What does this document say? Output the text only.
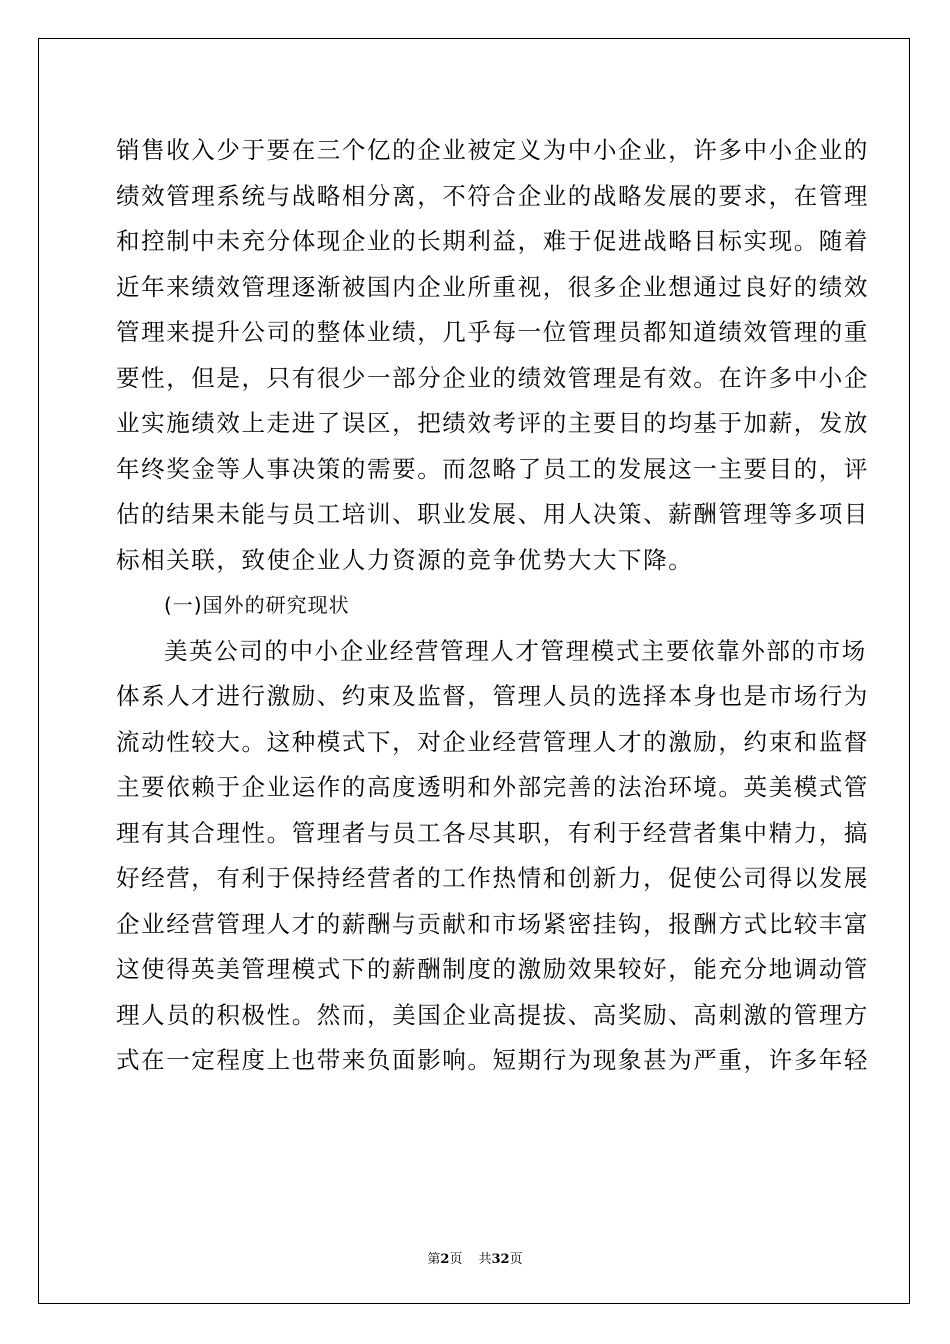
销售收入少于要在三个亿的企业被定义为中小企业，许多中小企业的
绩效管理系统与战略相分离，不符合企业的战略发展的要求，在管理
和控制中未充分体现企业的长期利益，难于促进战略目标实现。随着
近年来绩效管理逐渐被国内企业所重视，很多企业想通过良好的绩效
管理来提升公司的整体业绩，几乎每一位管理员都知道绩效管理的重
要性，但是，只有很少一部分企业的绩效管理是有效。在许多中小企
业实施绩效上走进了误区，把绩效考评的主要目的均基于加薪，发放
年终奖金等人事决策的需要。而忽略了员工的发展这一主要目的，评
估的结果未能与员工培训、职业发展、用人决策、薪酬管理等多项目
标相关联，致使企业人力资源的竞争优势大大下降。
(一)国外的研究现状
美英公司的中小企业经营管理人才管理模式主要依靠外部的市场
体系人才进行激励、约束及监督，管理人员的选择本身也是市场行为
流动性较大。这种模式下，对企业经营管理人才的激励，约束和监督
主要依赖于企业运作的高度透明和外部完善的法治环境。英美模式管
理有其合理性。管理者与员工各尽其职，有利于经营者集中精力，搞
好经营，有利于保持经营者的工作热情和创新力，促使公司得以发展
企业经营管理人才的薪酬与贡献和市场紧密挂钩，报酬方式比较丰富
这使得英美管理模式下的薪酬制度的激励效果较好，能充分地调动管
理人员的积极性。然而，美国企业高提拔、高奖励、高刺激的管理方
式在一定程度上也带来负面影响。短期行为现象甚为严重，许多年轻
第2页 共32页
